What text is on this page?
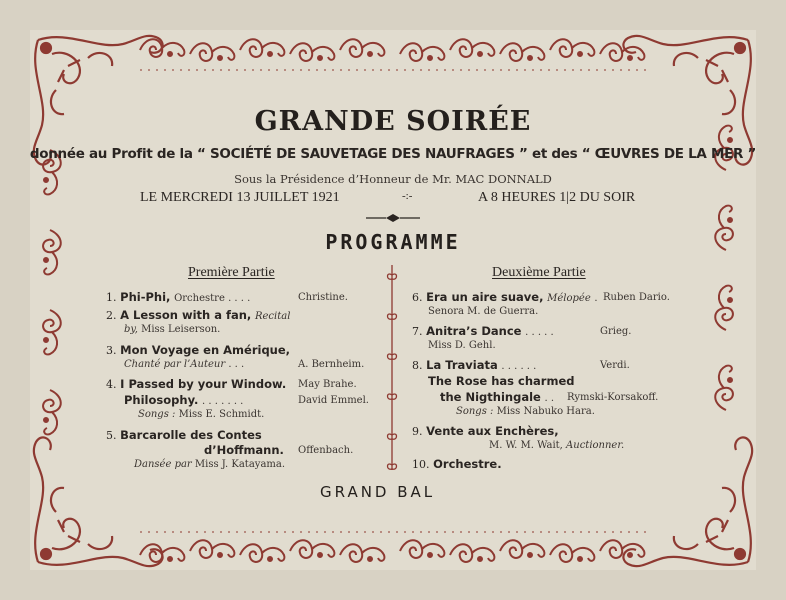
GRANDE SOIRÉE
donnée au Profit de la “ SOCIÉTÉ DE SAUVETAGE DES NAUFRAGES ” et des “ ŒUVRES DE LA MER ”
Sous la Présidence d’Honneur de Mr. MAC DONNALD
LE MERCREDI 13 JUILLET 1921	-:-	A 8 HEURES 1|2 DU SOIR
PROGRAMME
Première Partie	Deuxième Partie
1. Phi-Phi, Orchestre . . . .	Christine.
2. A Lesson with a fan, Recital
by, Miss Leiserson.
3. Mon Voyage en Amérique,
Chanté par l’Auteur . . .	A. Bernheim.
4. I Passed by your Window. May Brahe.
Philosophy. . . . . . . .	David Emmel.
Songs : Miss E. Schmidt.
5. Barcarolle des Contes
d’Hoffmann. Offenbach.
Dansée par Miss J. Katayama.
6. Era un aire suave, Mélopée . Ruben Dario.
Senora M. de Guerra.
7. Anitra’s Dance . . . . .	Grieg.
Miss D. Gehl.
8. La Traviata . . . . . .	Verdi.
The Rose has charmed
the Nigthingale . . Rymski-Korsakoff.
Songs : Miss Nabuko Hara.
9. Vente aux Enchères,
M. W. M. Wait, Auctionner.
10. Orchestre.
GRAND BAL
